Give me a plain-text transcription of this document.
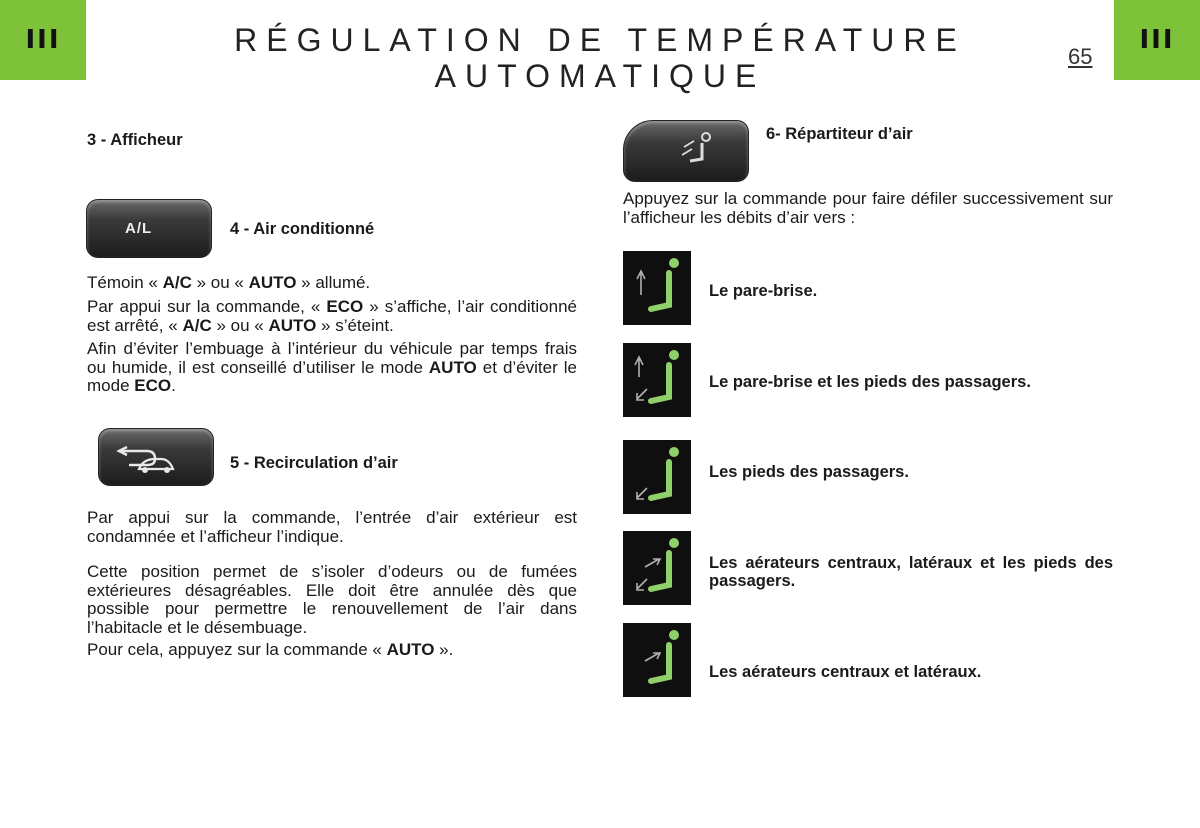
III	III
RÉGULATION DE TEMPÉRATURE
AUTOMATIQUE
65
3 - Afficheur
A/L	4 - Air conditionné
Témoin « A/C » ou « AUTO » allumé.
Par appui sur la commande, « ECO » s’affiche, l’air conditionné est arrêté, « A/C » ou « AUTO » s’éteint.
Afin d’éviter l’embuage à l’intérieur du véhicule par temps frais ou humide, il est conseillé d’utiliser le mode AUTO et d’éviter le mode ECO.
5 - Recirculation d’air
Par appui sur la commande, l’entrée d’air extérieur est condamnée et l’afficheur l’indique.
Cette position permet de s’isoler d’odeurs ou de fumées extérieures désagréables. Elle doit être annulée dès que possible pour permettre le renouvellement de l’air dans l’habitacle et le désembuage.
Pour cela, appuyez sur la commande « AUTO ».
6- Répartiteur d’air
Appuyez sur la commande pour faire défiler successivement sur l’afficheur les débits d’air vers :
Le pare-brise.
Le pare-brise et les pieds des passagers.
Les pieds des passagers.
Les aérateurs centraux, latéraux et les pieds des passagers.
Les aérateurs centraux et latéraux.
